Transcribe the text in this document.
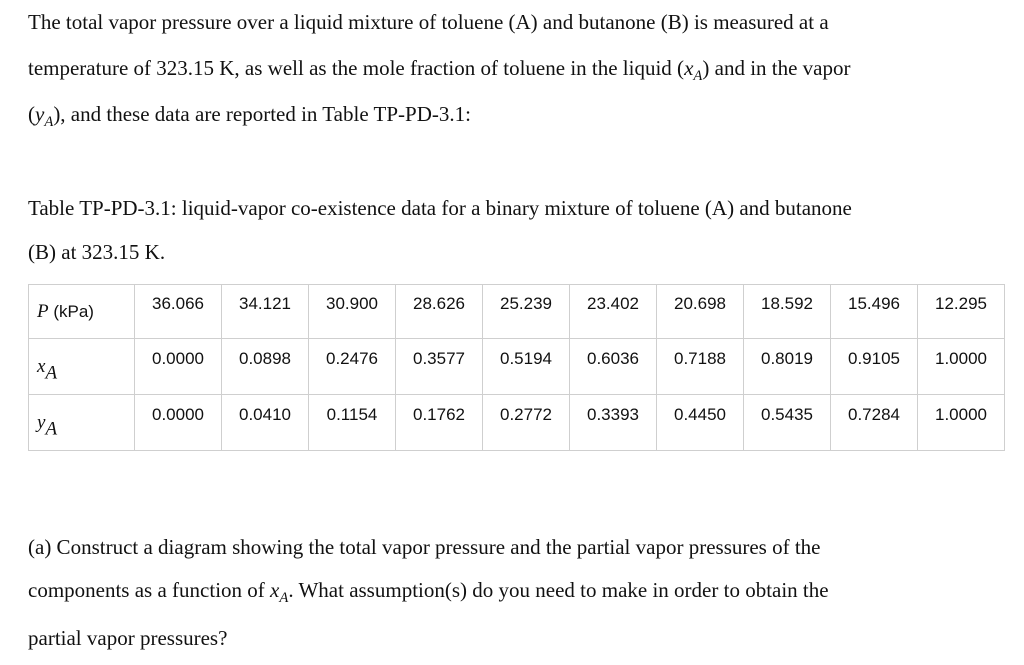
The total vapor pressure over a liquid mixture of toluene (A) and butanone (B) is measured at a
temperature of 323.15 K, as well as the mole fraction of toluene in the liquid $(x_A)$ and in the vapor
$(y_A)$, and these data are reported in Table TP-PD-3.1:
Table TP-PD-3.1: liquid-vapor co-existence data for a binary mixture of toluene (A) and butanone
(B) at 323.15 K.
P (kPa)	36.066	34.121	30.900	28.626	25.239	23.402	20.698	18.592	15.496	12.295
$x_A$	0.0000	0.0898	0.2476	0.3577	0.5194	0.6036	0.7188	0.8019	0.9105	1.0000
$y_A$	0.0000	0.0410	0.1154	0.1762	0.2772	0.3393	0.4450	0.5435	0.7284	1.0000
(a) Construct a diagram showing the total vapor pressure and the partial vapor pressures of the
components as a function of $x_A$. What assumption(s) do you need to make in order to obtain the
partial vapor pressures?
